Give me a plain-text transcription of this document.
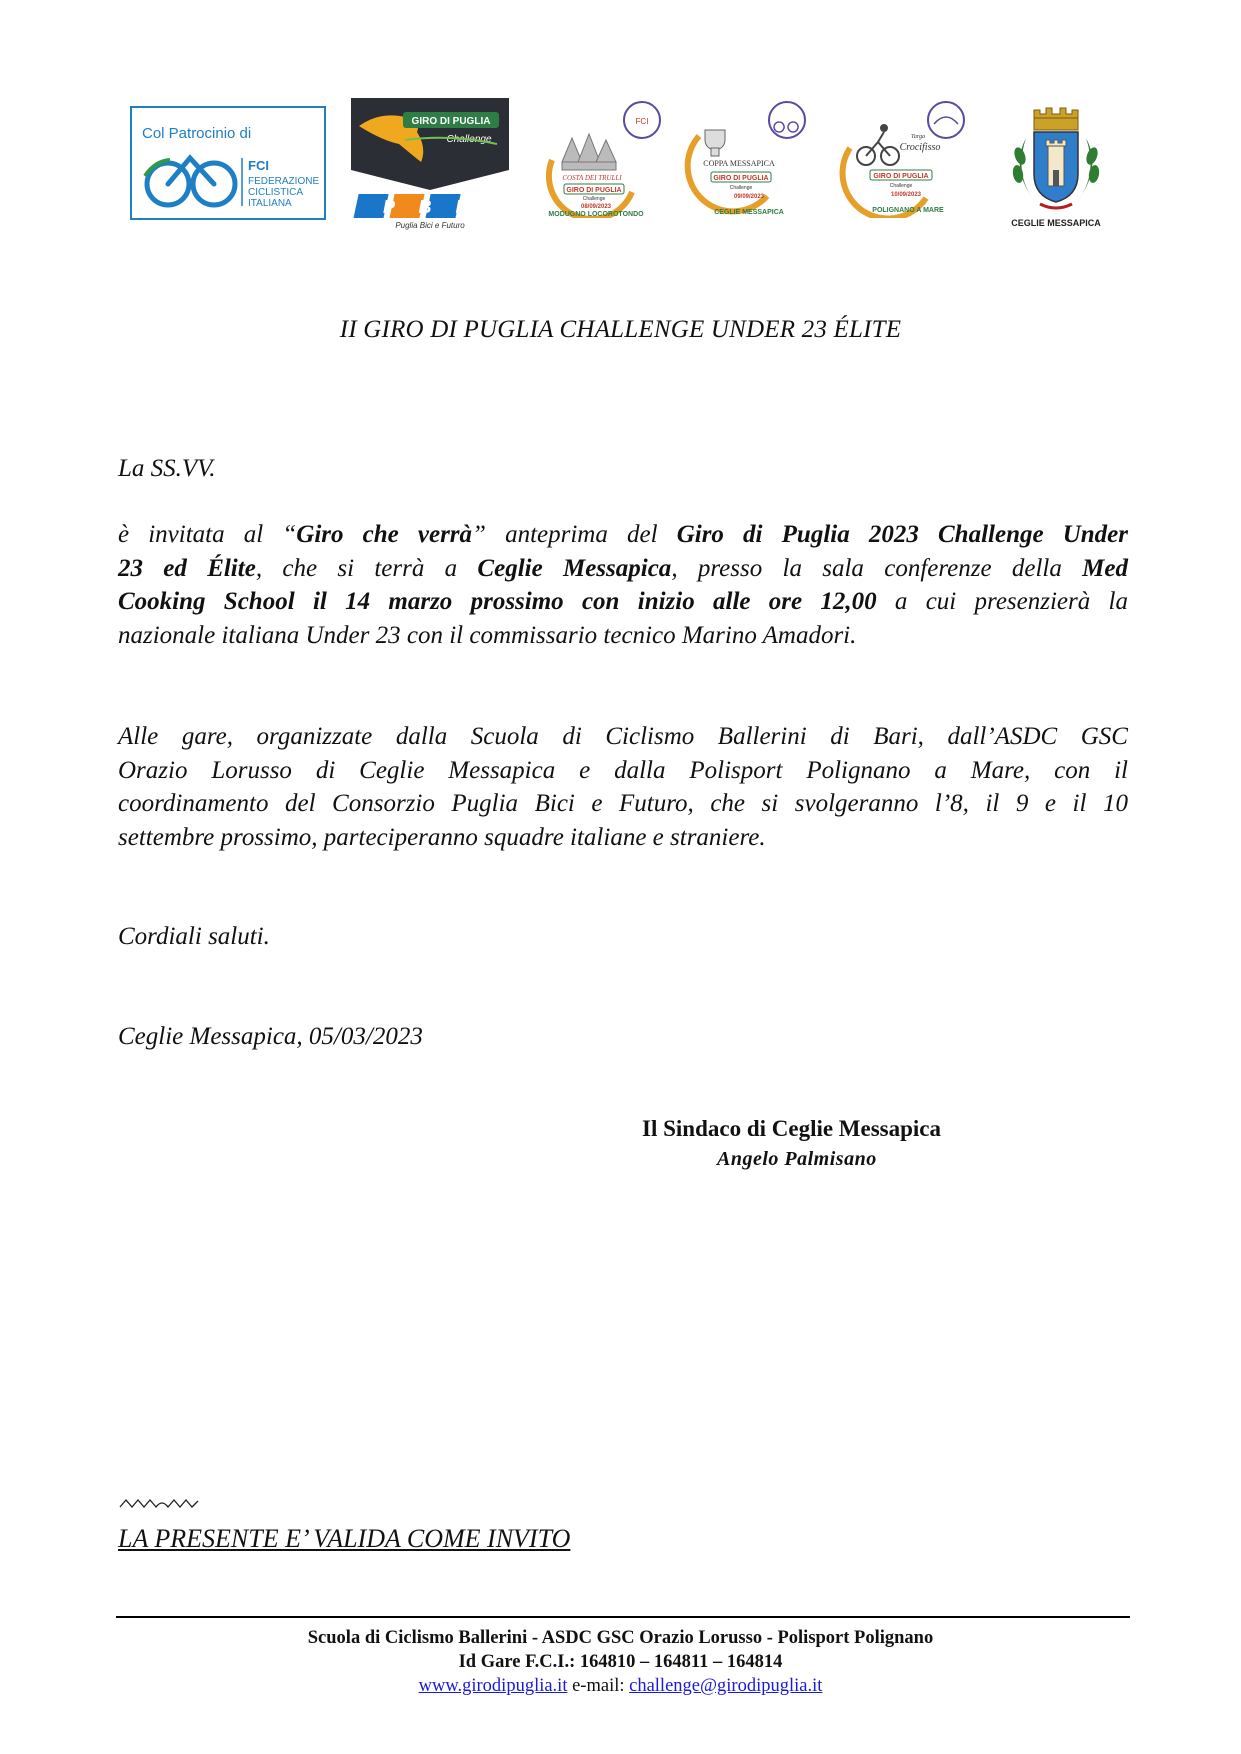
Col Patrocinio di
FCI
FEDERAZIONE
CICLISTICA
ITALIANA
GIRO DI PUGLIA
Challenge
P B F
Puglia Bici e Futuro
FCI
COSTA DEI TRULLI
GIRO DI PUGLIA
Challenge
08/09/2023
MODUGNO LOCOROTONDO
COPPA MESSAPICA
GIRO DI PUGLIA
Challenge
09/09/2023
CEGLIE MESSAPICA
Targa
Crocifisso
GIRO DI PUGLIA
Challenge
10/09/2023
POLIGNANO A MARE
CEGLIE MESSAPICA
II GIRO DI PUGLIA CHALLENGE UNDER 23 ÉLITE
La SS.VV.
è invitata al “Giro che verrà” anteprima del Giro di Puglia 2023 Challenge Under
23 ed Élite, che si terrà a Ceglie Messapica, presso la sala conferenze della Med
Cooking School il 14 marzo prossimo con inizio alle ore 12,00 a cui presenzierà la
nazionale italiana Under 23 con il commissario tecnico Marino Amadori.
Alle gare, organizzate dalla Scuola di Ciclismo Ballerini di Bari, dall’ASDC GSC
Orazio Lorusso di Ceglie Messapica e dalla Polisport Polignano a Mare, con il
coordinamento del Consorzio Puglia Bici e Futuro, che si svolgeranno l’8, il 9 e il 10
settembre prossimo, parteciperanno squadre italiane e straniere.
Cordiali saluti.
Ceglie Messapica, 05/03/2023
Il Sindaco di Ceglie Messapica
Angelo Palmisano
LA PRESENTE E’ VALIDA COME INVITO
Scuola di Ciclismo Ballerini - ASDC GSC Orazio Lorusso - Polisport Polignano
Id Gare F.C.I.: 164810 – 164811 – 164814
www.girodipuglia.it e-mail: challenge@girodipuglia.it
